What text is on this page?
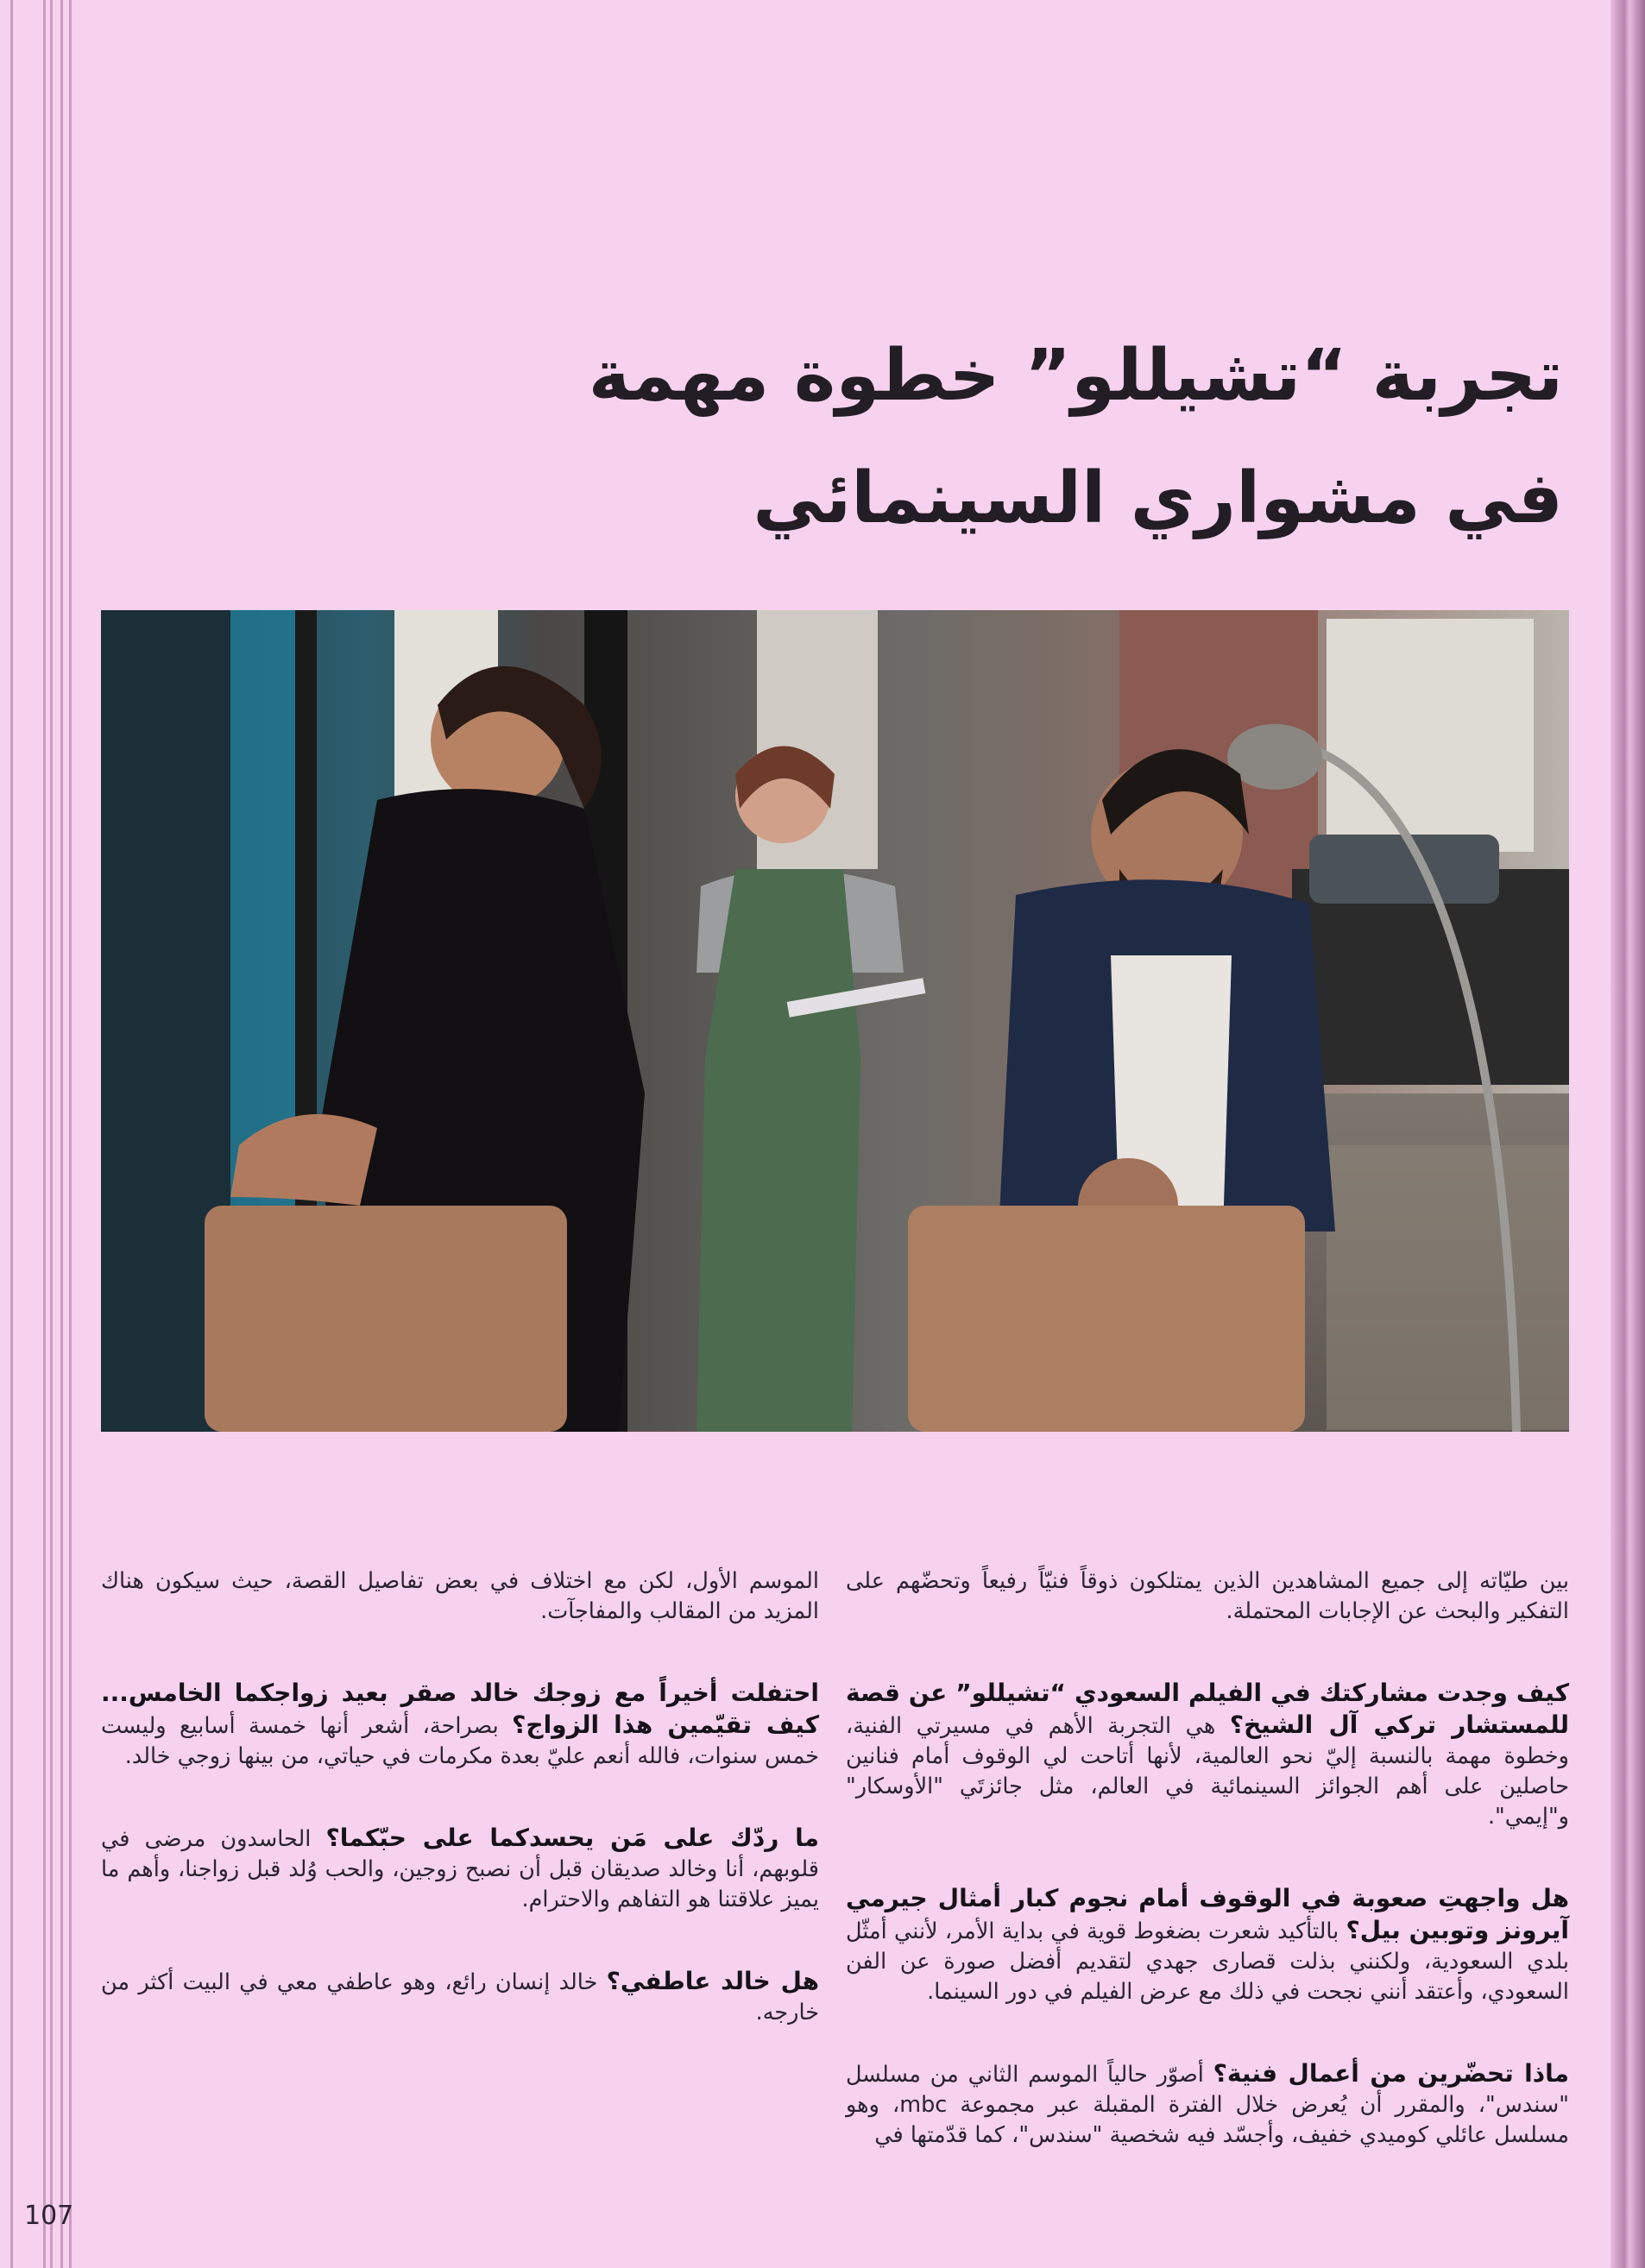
تجربة “تشيللو” خطوة مهمة
في مشواري السينمائي

بين طيّاته إلى جميع المشاهدين الذين يمتلكون ذوقاً فنيّاً رفيعاً وتحضّهم على التفكير والبحث عن الإجابات المحتملة.

كيف وجدت مشاركتك في الفيلم السعودي “تشيللو” عن قصة للمستشار تركي آل الشيخ؟ هي التجربة الأهم في مسيرتي الفنية، وخطوة مهمة بالنسبة إليّ نحو العالمية، لأنها أتاحت لي الوقوف أمام فنانين حاصلين على أهم الجوائز السينمائية في العالم، مثل جائزتَي "الأوسكار" و"إيمي".

هل واجهتِ صعوبة في الوقوف أمام نجوم كبار أمثال جيرمي آيرونز وتوبين بيل؟ بالتأكيد شعرت بضغوط قوية في بداية الأمر، لأنني أمثّل بلدي السعودية، ولكنني بذلت قصارى جهدي لتقديم أفضل صورة عن الفن السعودي، وأعتقد أنني نجحت في ذلك مع عرض الفيلم في دور السينما.

ماذا تحضّرين من أعمال فنية؟ أصوّر حالياً الموسم الثاني من مسلسل "سندس"، والمقرر أن يُعرض خلال الفترة المقبلة عبر مجموعة mbc، وهو مسلسل عائلي كوميدي خفيف، وأجسّد فيه شخصية "سندس"، كما قدّمتها في

الموسم الأول، لكن مع اختلاف في بعض تفاصيل القصة، حيث سيكون هناك المزيد من المقالب والمفاجآت.

احتفلت أخيراً مع زوجك خالد صقر بعيد زواجكما الخامس... كيف تقيّمين هذا الزواج؟ بصراحة، أشعر أنها خمسة أسابيع وليست خمس سنوات، فالله أنعم عليّ بعدة مكرمات في حياتي، من بينها زوجي خالد.

ما ردّك على مَن يحسدكما على حبّكما؟ الحاسدون مرضى في قلوبهم، أنا وخالد صديقان قبل أن نصبح زوجين، والحب وُلد قبل زواجنا، وأهم ما يميز علاقتنا هو التفاهم والاحترام.

هل خالد عاطفي؟ خالد إنسان رائع، وهو عاطفي معي في البيت أكثر من خارجه.

107
